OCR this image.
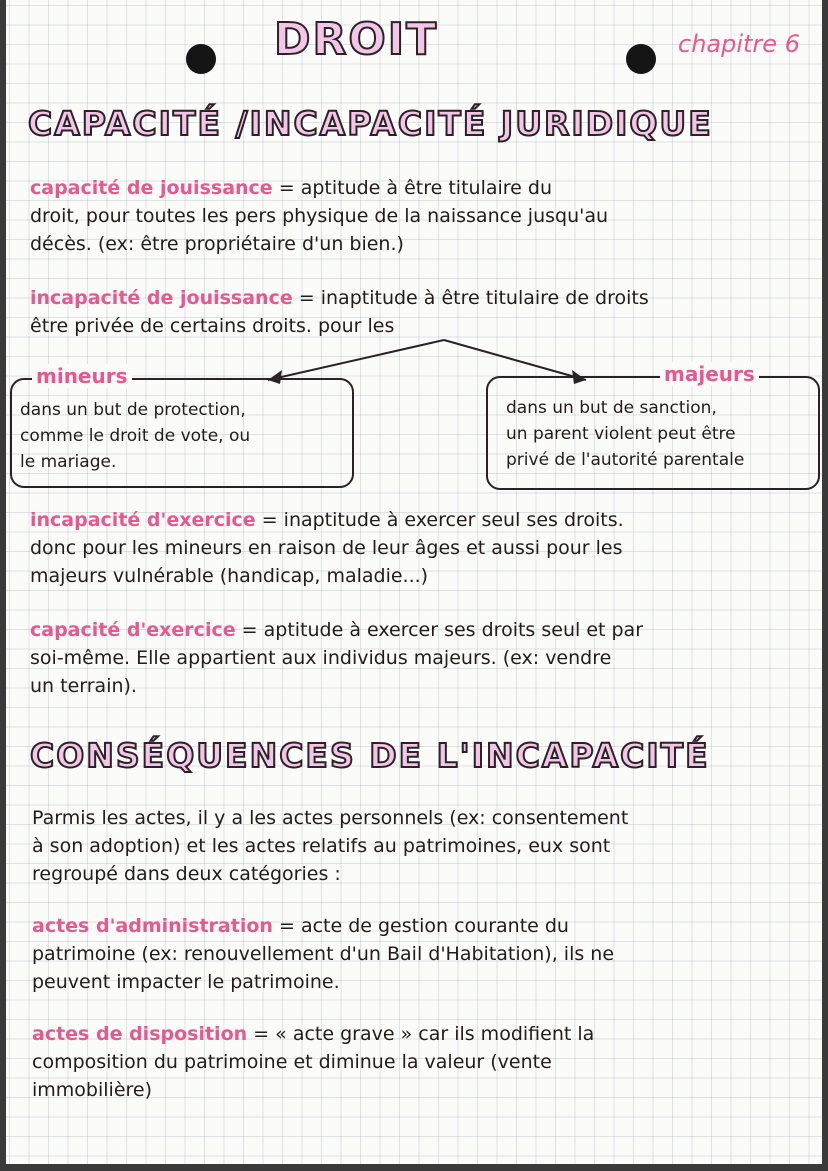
DROIT	chapitre 6
CAPACITÉ /INCAPACITÉ JURIDIQUE
capacité de jouissance = aptitude à être titulaire du
droit, pour toutes les pers physique de la naissance jusqu'au
décès. (ex: être propriétaire d'un bien.)
incapacité de jouissance = inaptitude à être titulaire de droits
être privée de certains droits. pour les
mineurs
dans un but de protection,
comme le droit de vote, ou
le mariage.
majeurs
dans un but de sanction,
un parent violent peut être
privé de l'autorité parentale
incapacité d'exercice = inaptitude à exercer seul ses droits.
donc pour les mineurs en raison de leur âges et aussi pour les
majeurs vulnérable (handicap, maladie...)
capacité d'exercice = aptitude à exercer ses droits seul et par
soi-même. Elle appartient aux individus majeurs. (ex: vendre
un terrain).
CONSÉQUENCES DE L'INCAPACITÉ
Parmis les actes, il y a les actes personnels (ex: consentement
à son adoption) et les actes relatifs au patrimoines, eux sont
regroupé dans deux catégories :
actes d'administration = acte de gestion courante du
patrimoine (ex: renouvellement d'un Bail d'Habitation), ils ne
peuvent impacter le patrimoine.
actes de disposition = « acte grave » car ils modifient la
composition du patrimoine et diminue la valeur (vente
immobilière)
